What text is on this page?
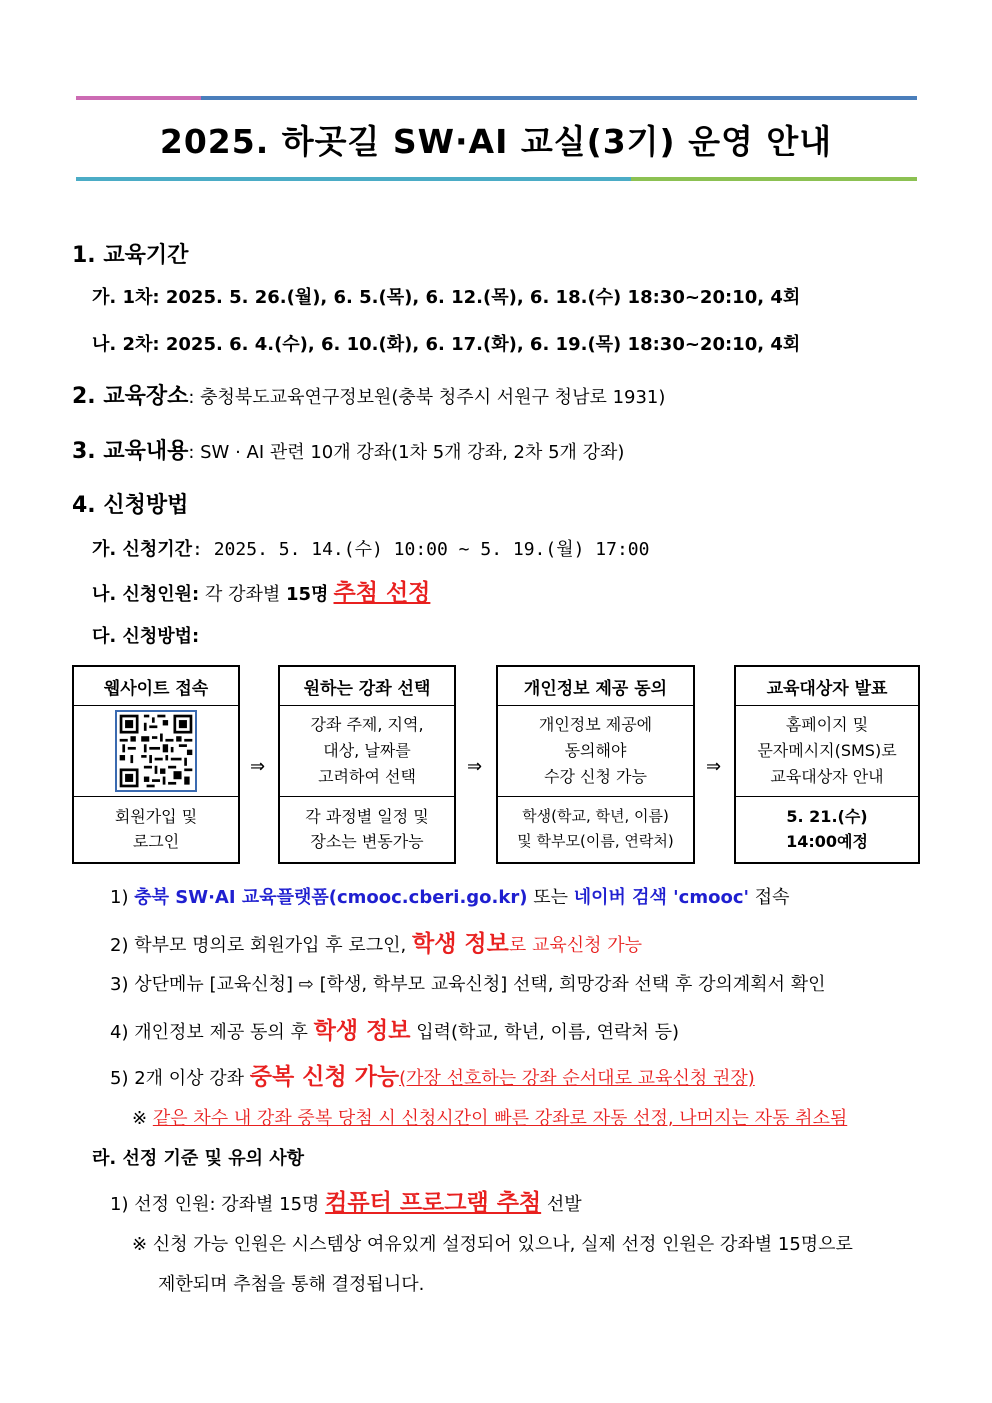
2025. 하곳길 SW·AI 교실(3기) 운영 안내
1. 교육기간
가. 1차: 2025. 5. 26.(월), 6. 5.(목), 6. 12.(목), 6. 18.(수) 18:30~20:10, 4회
나. 2차: 2025. 6. 4.(수), 6. 10.(화), 6. 17.(화), 6. 19.(목) 18:30~20:10, 4회
2. 교육장소: 충청북도교육연구정보원(충북 청주시 서원구 청남로 1931)
3. 교육내용: SW · AI 관련 10개 강좌(1차 5개 강좌, 2차 5개 강좌)
4. 신청방법
가. 신청기간: 2025. 5. 14.(수) 10:00 ~ 5. 19.(월) 17:00
나. 신청인원: 각 강좌별 15명 추첨 선정
다. 신청방법:
웹사이트 접속
회원가입 및
로그인
⇒
원하는 강좌 선택
강좌 주제, 지역,
대상, 날짜를
고려하여 선택
각 과정별 일정 및
장소는 변동가능
⇒
개인정보 제공 동의
개인정보 제공에
동의해야
수강 신청 가능
학생(학교, 학년, 이름)
및 학부모(이름, 연락처)
⇒
교육대상자 발표
홈페이지 및
문자메시지(SMS)로
교육대상자 안내
5. 21.(수)
14:00예정
1) 충북 SW·AI 교육플랫폼(cmooc.cberi.go.kr) 또는 네이버 검색 'cmooc' 접속
2) 학부모 명의로 회원가입 후 로그인, 학생 정보로 교육신청 가능
3) 상단메뉴 [교육신청] ⇨ [학생, 학부모 교육신청] 선택, 희망강좌 선택 후 강의계획서 확인
4) 개인정보 제공 동의 후 학생 정보 입력(학교, 학년, 이름, 연락처 등)
5) 2개 이상 강좌 중복 신청 가능(가장 선호하는 강좌 순서대로 교육신청 권장)
※ 같은 차수 내 강좌 중복 당첨 시 신청시간이 빠른 강좌로 자동 선정, 나머지는 자동 취소됨
라. 선정 기준 및 유의 사항
1) 선정 인원: 강좌별 15명 컴퓨터 프로그램 추첨 선발
※ 신청 가능 인원은 시스템상 여유있게 설정되어 있으나, 실제 선정 인원은 강좌별 15명으로
제한되며 추첨을 통해 결정됩니다.
